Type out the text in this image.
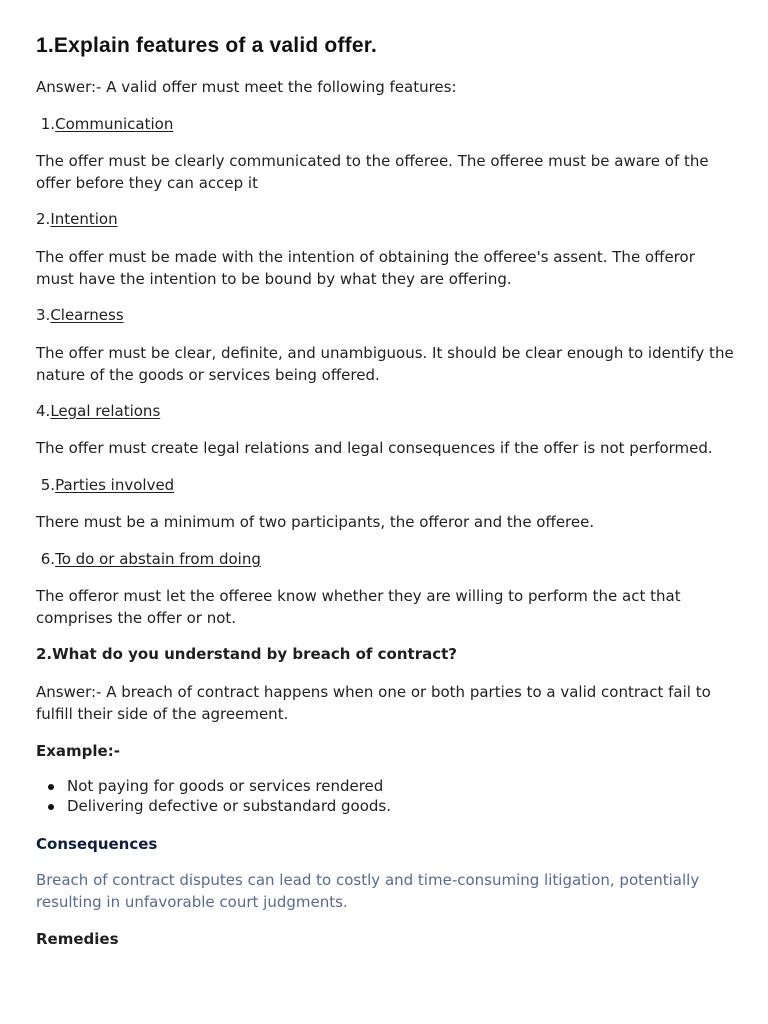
1.Explain features of a valid offer.

Answer:- A valid offer must meet the following features:

1.Communication

The offer must be clearly communicated to the offeree. The offeree must be aware of the offer before they can accep it

2.Intention

The offer must be made with the intention of obtaining the offeree's assent. The offeror must have the intention to be bound by what they are offering.

3.Clearness

The offer must be clear, definite, and unambiguous. It should be clear enough to identify the nature of the goods or services being offered.

4.Legal relations

The offer must create legal relations and legal consequences if the offer is not performed.

5.Parties involved

There must be a minimum of two participants, the offeror and the offeree.

6.To do or abstain from doing

The offeror must let the offeree know whether they are willing to perform the act that comprises the offer or not.

2.What do you understand by breach of contract?

Answer:- A breach of contract happens when one or both parties to a valid contract fail to fulfill their side of the agreement.

Example:-

Not paying for goods or services rendered
Delivering defective or substandard goods.

Consequences

Breach of contract disputes can lead to costly and time-consuming litigation, potentially resulting in unfavorable court judgments.

Remedies
